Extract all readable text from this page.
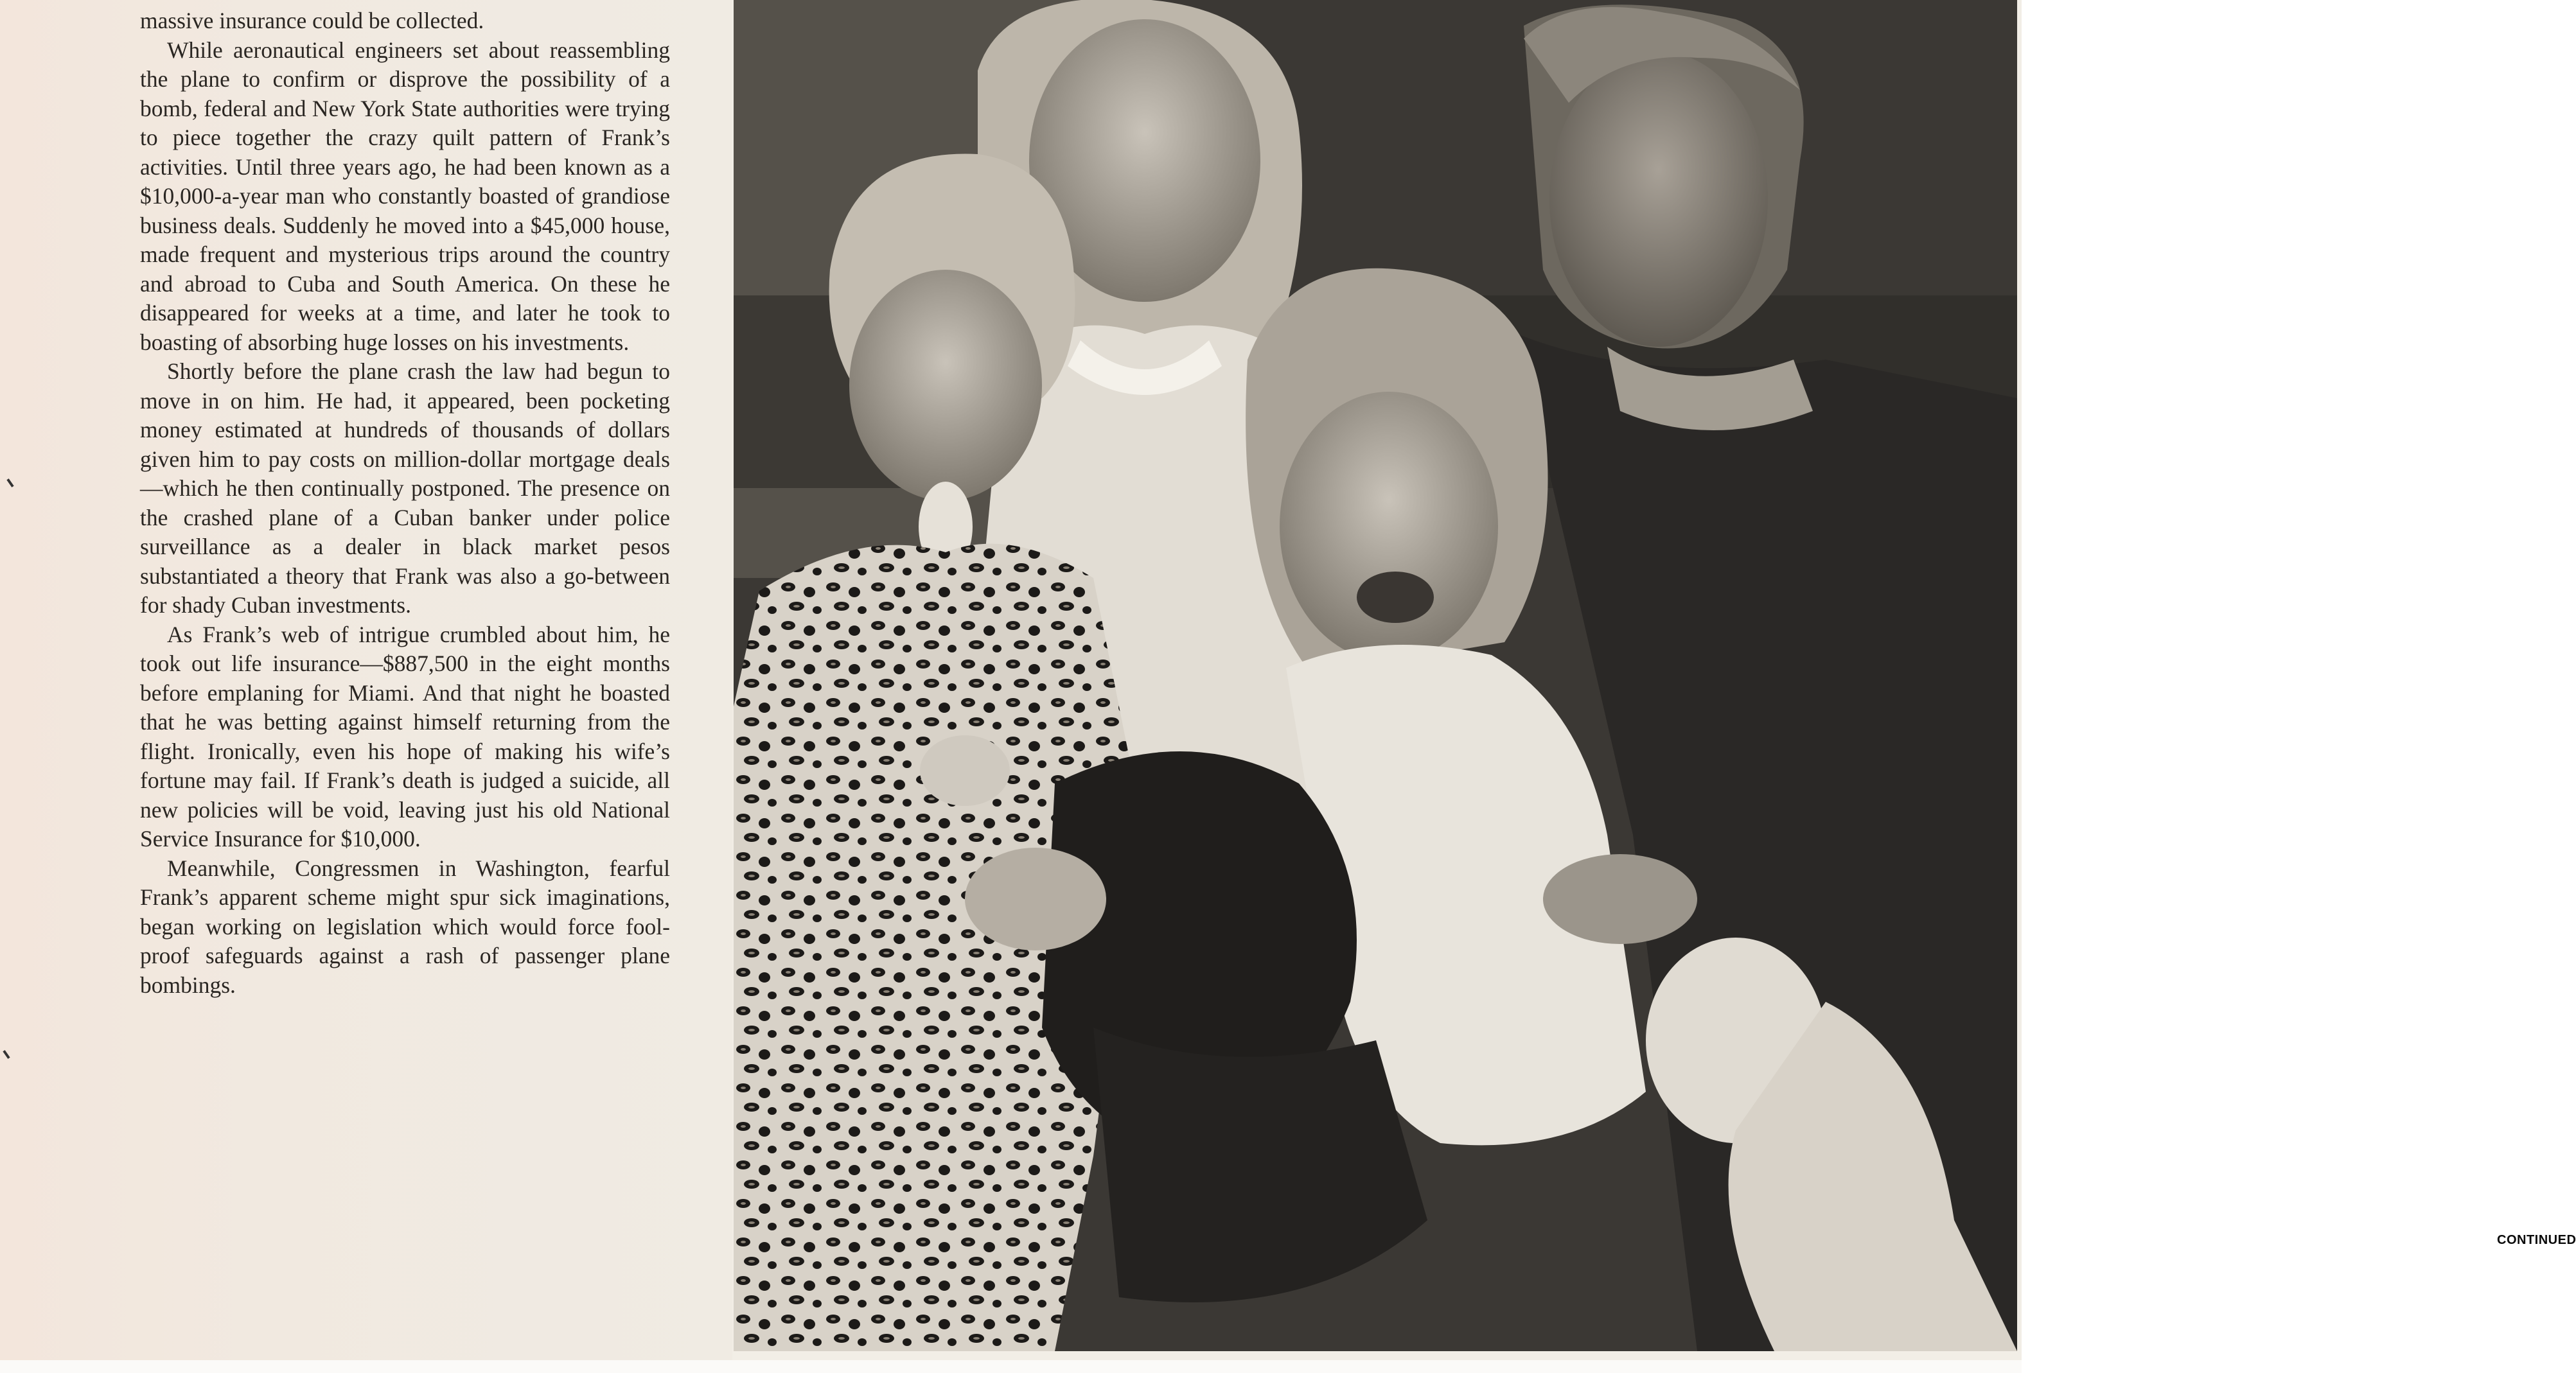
massive insurance could be collected.

While aeronautical engineers set about reassembling the plane to confirm or disprove the possibility of a bomb, federal and New York State authorities were trying to piece together the crazy quilt pattern of Frank’s activities. Until three years ago, he had been known as a $10,000-a-year man who constantly boasted of grandiose business deals. Suddenly he moved into a $45,000 house, made frequent and mysterious trips around the country and abroad to Cuba and South America. On these he disappeared for weeks at a time, and later he took to boasting of absorbing huge losses on his investments.

Shortly before the plane crash the law had begun to move in on him. He had, it appeared, been pocketing money estimated at hundreds of thousands of dollars given him to pay costs on million-dollar mortgage deals—which he then continually postponed. The presence on the crashed plane of a Cuban banker under police surveillance as a dealer in black market pesos substantiated a theory that Frank was also a go-between for shady Cuban investments.

As Frank’s web of intrigue crumbled about him, he took out life insurance—$887,500 in the eight months before emplaning for Miami. And that night he boasted that he was betting against himself returning from the flight. Ironically, even his hope of making his wife’s fortune may fail. If Frank’s death is judged a suicide, all new policies will be void, leaving just his old National Service Insurance for $10,000.

Meanwhile, Congressmen in Washington, fearful Frank’s apparent scheme might spur sick imaginations, began working on legislation which would force fool-proof safeguards against a rash of passenger plane bombings.

CONTINUED
